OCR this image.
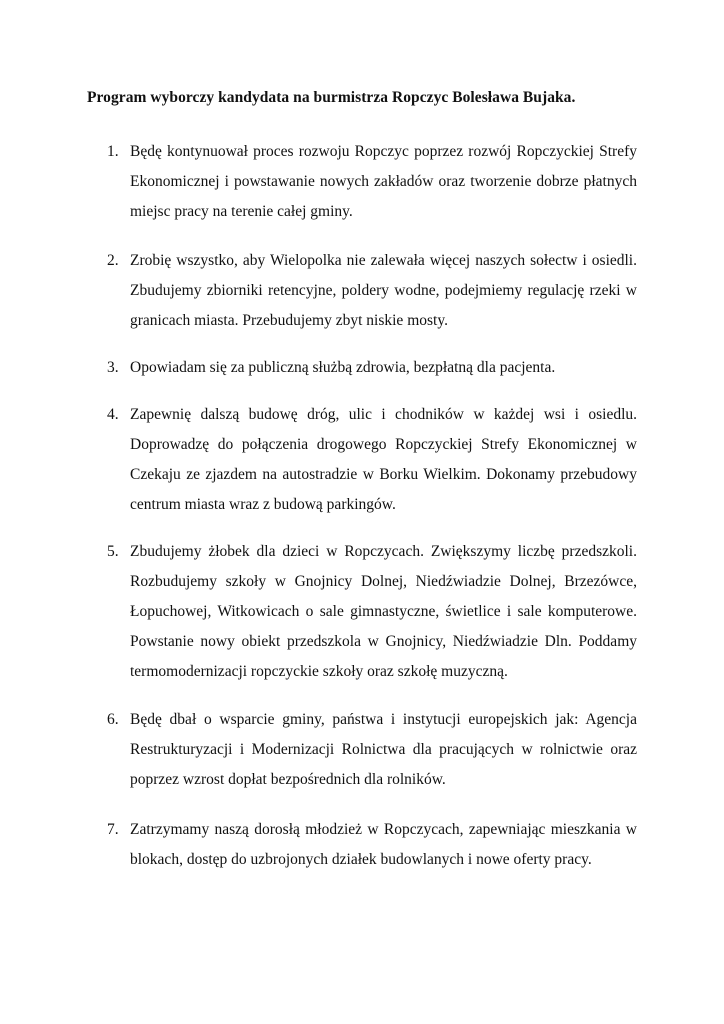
Program wyborczy kandydata na burmistrza Ropczyc Bolesława Bujaka.
1. Będę kontynuował proces rozwoju Ropczyc poprzez rozwój Ropczyckiej Strefy Ekonomicznej i powstawanie nowych zakładów oraz tworzenie dobrze płatnych miejsc pracy na terenie całej gminy.
2. Zrobię wszystko, aby Wielopolka nie zalewała więcej naszych sołectw i osiedli. Zbudujemy zbiorniki retencyjne, poldery wodne, podejmiemy regulację rzeki w granicach miasta. Przebudujemy zbyt niskie mosty.
3. Opowiadam się za publiczną służbą zdrowia, bezpłatną dla pacjenta.
4. Zapewnię dalszą budowę dróg, ulic i chodników w każdej wsi i osiedlu. Doprowadzę do połączenia drogowego Ropczyckiej Strefy Ekonomicznej w Czekaju ze zjazdem na autostradzie w Borku Wielkim. Dokonamy przebudowy centrum miasta wraz z budową parkingów.
5. Zbudujemy żłobek dla dzieci w Ropczycach. Zwiększymy liczbę przedszkoli. Rozbudujemy szkoły w Gnojnicy Dolnej, Niedźwiadzie Dolnej, Brzezówce, Łopuchowej, Witkowicach o sale gimnastyczne, świetlice i sale komputerowe. Powstanie nowy obiekt przedszkola w Gnojnicy, Niedźwiadzie Dln. Poddamy termomodernizacji ropczyckie szkoły oraz szkołę muzyczną.
6. Będę dbał o wsparcie gminy, państwa i instytucji europejskich jak: Agencja Restrukturyzacji i Modernizacji Rolnictwa dla pracujących w rolnictwie oraz poprzez wzrost dopłat bezpośrednich dla rolników.
7. Zatrzymamy naszą dorosłą młodzież w Ropczycach, zapewniając mieszkania w blokach, dostęp do uzbrojonych działek budowlanych i nowe oferty pracy.
